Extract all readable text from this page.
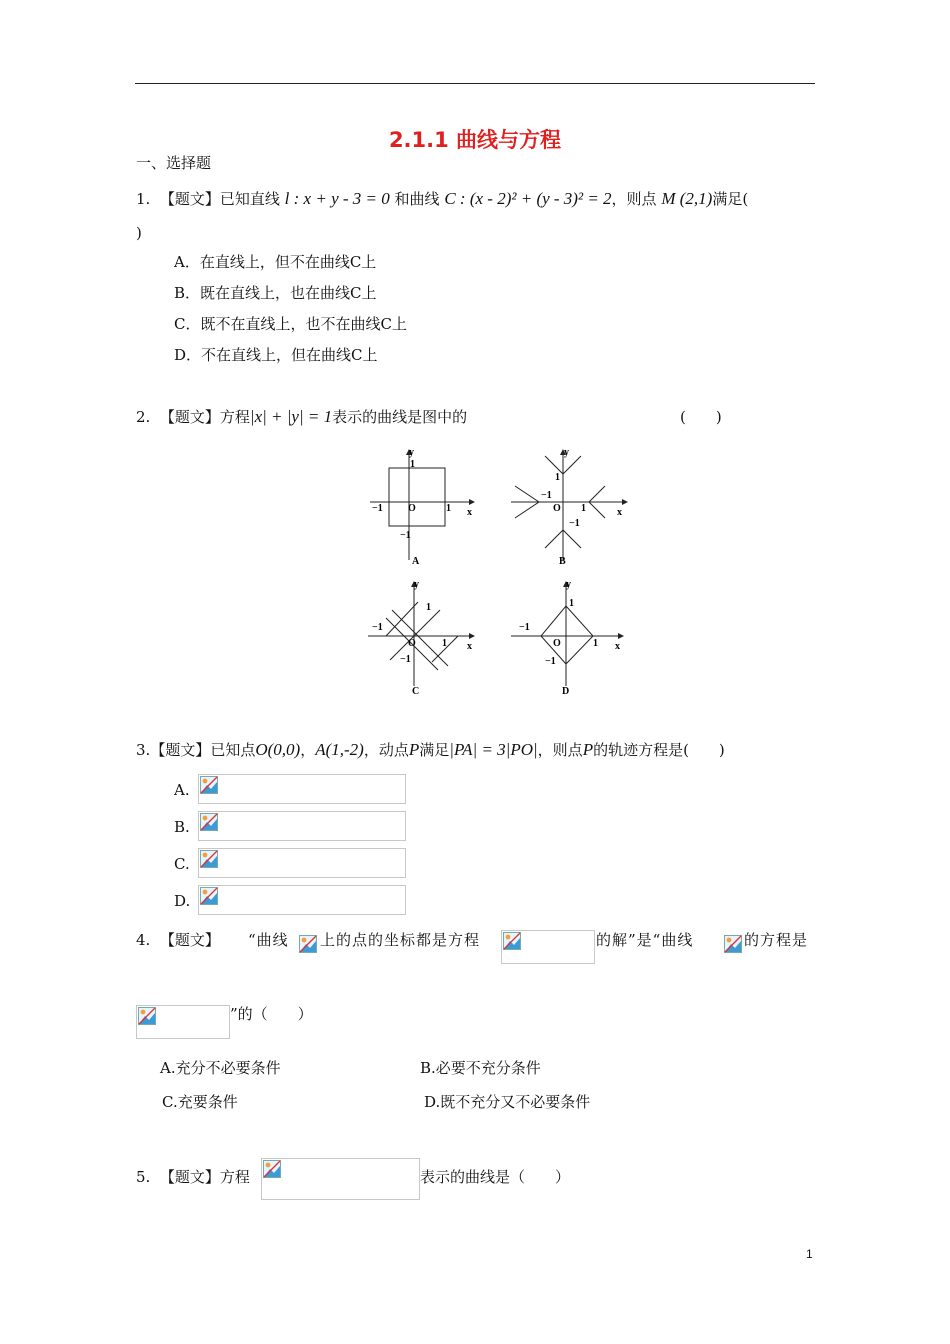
2.1.1 曲线与方程
一、选择题
1. 【题文】已知直线 l : x + y - 3 = 0 和曲线 C : (x - 2)² + (y - 3)² = 2，则点 M (2,1)满足(
)
A．在直线上，但不在曲线C上
B．既在直线上，也在曲线C上
C．既不在直线上，也不在曲线C上
D．不在直线上，但在曲线C上
2. 【题文】方程|x| + |y| = 1表示的曲线是图中的	(　　)
y
x
1
−1	O	1
−1
A
y
x
1
−1
O 1
−1
B
y
x
1
−1
O	1
−1
C
y
x
1
−1
O	1
−1
D
3.【题文】已知点O(0,0)，A(1,-2)，动点P满足|PA| = 3|PO|，则点P的轨迹方程是(　　)
A.
B.
C.
D.
4. 【题文】 “曲线 上的点的坐标都是方程	的解”是“曲线	的方程是
”的（　　）
A.充分不必要条件	B.必要不充分条件
C.充要条件	D.既不充分又不必要条件
5. 【题文】方程	表示的曲线是（　　）
1
